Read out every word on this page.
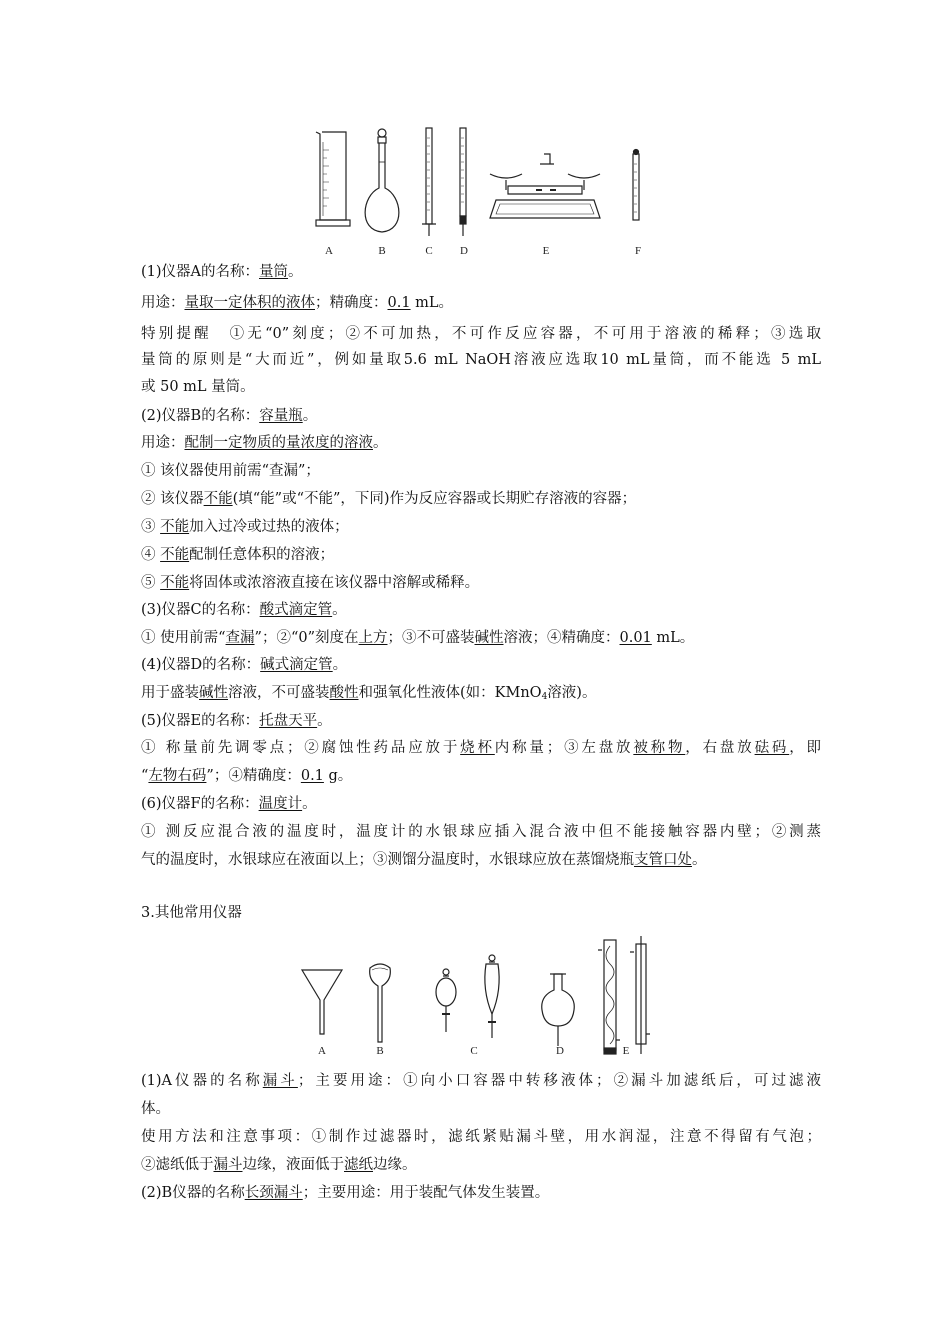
A	B	C D	E	F
(1)仪器A的名称：量筒。
用途：量取一定体积的液体；精确度：0.1 mL。
特别提醒　①无“0”刻度；②不可加热，不可作反应容器，不可用于溶液的稀释；③选取
量筒的原则是“大而近”，例如量取5.6 mL NaOH溶液应选取10 mL量筒，而不能选 5 mL
或 50 mL 量筒。
(2)仪器B的名称：容量瓶。
用途：配制一定物质的量浓度的溶液。
① 该仪器使用前需“查漏”；
② 该仪器不能(填“能”或“不能”，下同)作为反应容器或长期贮存溶液的容器；
③ 不能加入过冷或过热的液体；
④ 不能配制任意体积的溶液；
⑤ 不能将固体或浓溶液直接在该仪器中溶解或稀释。
(3)仪器C的名称：酸式滴定管。
① 使用前需“查漏”；②“0”刻度在上方；③不可盛装碱性溶液；④精确度：0.01 mL。
(4)仪器D的名称：碱式滴定管。
用于盛装碱性溶液，不可盛装酸性和强氧化性液体(如：KMnO$_4$溶液)。
(5)仪器E的名称：托盘天平。
① 称量前先调零点；②腐蚀性药品应放于烧杯内称量；③左盘放被称物，右盘放砝码，即
“左物右码”；④精确度：0.1 g。
(6)仪器F的名称：温度计。
① 测反应混合液的温度时，温度计的水银球应插入混合液中但不能接触容器内壁；②测蒸
气的温度时，水银球应在液面以上；③测馏分温度时，水银球应放在蒸馏烧瓶支管口处。
3.其他常用仪器
A	B	C	D	E
(1)A仪器的名称漏斗；主要用途：①向小口容器中转移液体；②漏斗加滤纸后，可过滤液
体。
使用方法和注意事项：①制作过滤器时，滤纸紧贴漏斗壁，用水润湿，注意不得留有气泡；
②滤纸低于漏斗边缘，液面低于滤纸边缘。
(2)B仪器的名称长颈漏斗；主要用途：用于装配气体发生装置。
